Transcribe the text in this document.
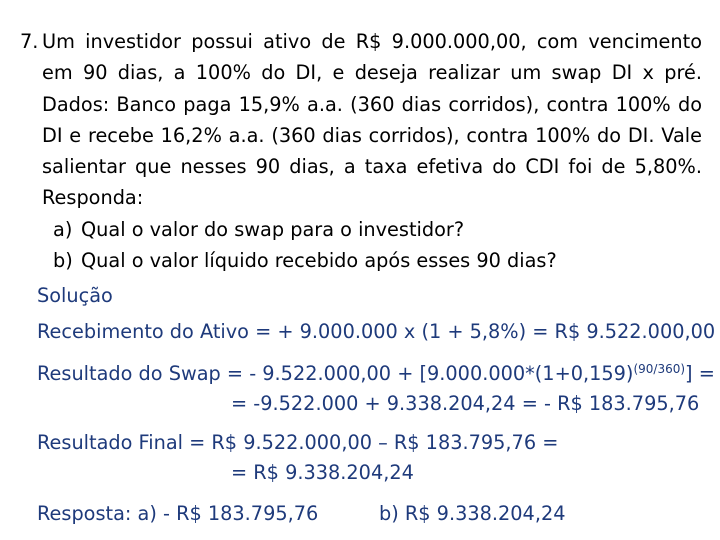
7. Um investidor possui ativo de R$ 9.000.000,00, com vencimento
em 90 dias, a 100% do DI, e deseja realizar um swap DI x pré.
Dados: Banco paga 15,9% a.a. (360 dias corridos), contra 100% do
DI e recebe 16,2% a.a. (360 dias corridos), contra 100% do DI. Vale
salientar que nesses 90 dias, a taxa efetiva do CDI foi de 5,80%.
Responda:
a) Qual o valor do swap para o investidor?
b) Qual o valor líquido recebido após esses 90 dias?
Solução
Recebimento do Ativo = + 9.000.000 x (1 + 5,8%) = R$ 9.522.000,00
Resultado do Swap = - $9.522.000,00 + [9.000.000*(1+0,159)^{(90/360)}]$ =
= -9.522.000 + 9.338.204,24 = - R$ 183.795,76
Resultado Final = R$ 9.522.000,00 – R$ 183.795,76 =
= R$ 9.338.204,24
Resposta: a) - R$ 183.795,76	b) R$ 9.338.204,24
